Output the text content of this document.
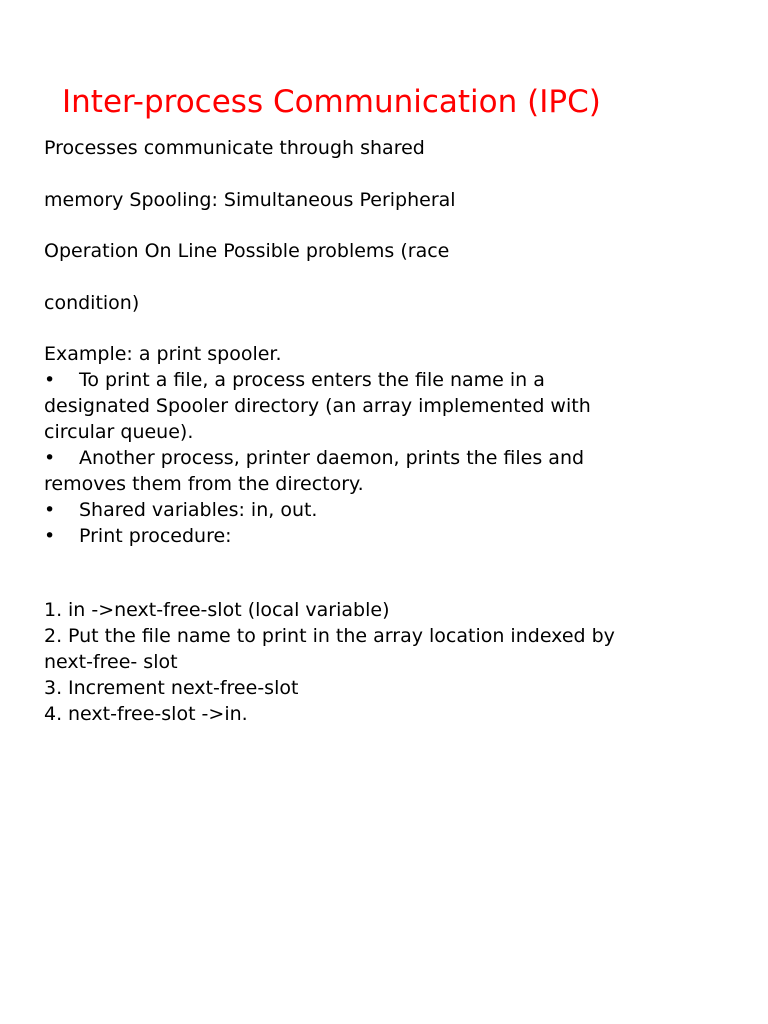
Inter-process Communication (IPC)

Processes communicate through shared

memory Spooling: Simultaneous Peripheral

Operation On Line Possible problems (race

condition)

Example: a print spooler.
• To print a file, a process enters the file name in a
designated Spooler directory (an array implemented with
circular queue).
• Another process, printer daemon, prints the files and
removes them from the directory.
• Shared variables: in, out.
• Print procedure:
1. in ->next-free-slot (local variable)
2. Put the file name to print in the array location indexed by
next-free- slot
3. Increment next-free-slot
4. next-free-slot ->in.
